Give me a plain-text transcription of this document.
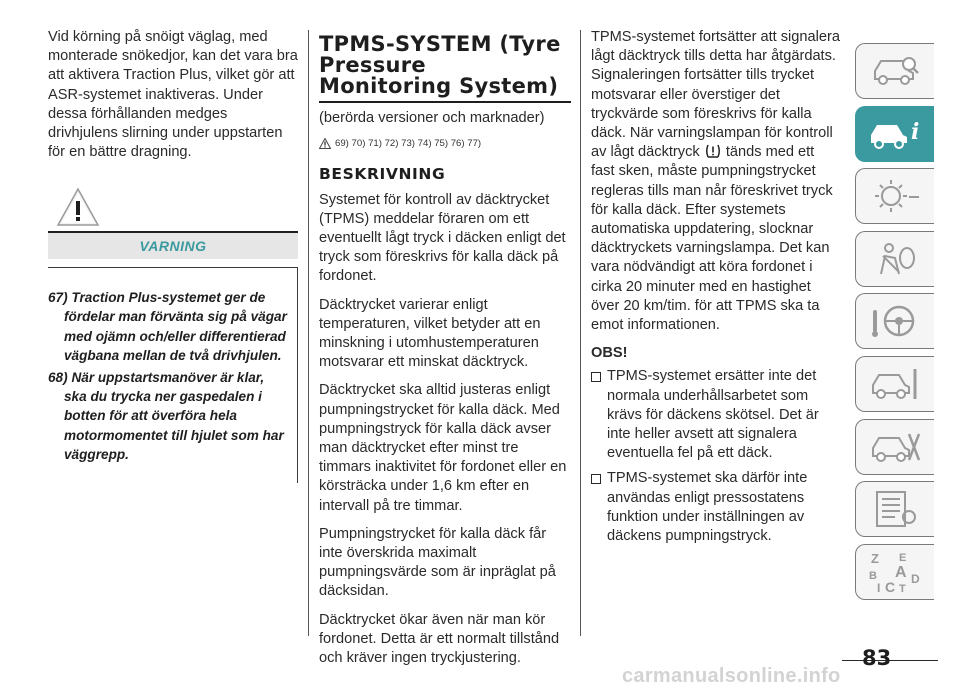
Vid körning på snöigt väglag, med monterade snökedjor, kan det vara bra att aktivera Traction Plus, vilket gör att ASR-systemet inaktiveras. Under dessa förhållanden medges drivhjulens slirning under uppstarten för en bättre dragning.

VARNING
67) Traction Plus-systemet ger de fördelar man förvänta sig på vägar med ojämn och/eller differentierad vägbana mellan de två drivhjulen.
68) När uppstartsmanöver är klar, ska du trycka ner gaspedalen i botten för att överföra hela motormomentet till hjulet som har väggrepp.
TPMS-SYSTEM (Tyre
Pressure
Monitoring System)

(berörda versioner och marknader)

69) 70) 71) 72) 73) 74) 75) 76) 77)
BESKRIVNING

Systemet för kontroll av däcktrycket (TPMS) meddelar föraren om ett eventuellt lågt tryck i däcken enligt det tryck som föreskrivs för kalla däck på fordonet.

Däcktrycket varierar enligt temperaturen, vilket betyder att en minskning i utomhustemperaturen motsvarar ett minskat däcktryck.

Däcktrycket ska alltid justeras enligt pumpningstrycket för kalla däck. Med pumpningstryck för kalla däck avser man däcktrycket efter minst tre timmars inaktivitet för fordonet eller en körsträcka under 1,6 km efter en intervall på tre timmar.

Pumpningstrycket för kalla däck får inte överskrida maximalt pumpningsvärde som är inpräglat på däcksidan.

Däcktrycket ökar även när man kör fordonet. Detta är ett normalt tillstånd och kräver ingen tryckjustering.

TPMS-systemet fortsätter att signalera lågt däcktryck tills detta har åtgärdats. Signaleringen fortsätter tills trycket motsvarar eller överstiger det tryckvärde som föreskrivs för kalla däck. När varningslampan för kontroll av lågt däcktryck tänds med ett fast sken, måste pumpningstrycket regleras tills man når föreskrivet tryck för kalla däck. Efter systemets automatiska uppdatering, slocknar däcktryckets varningslampa. Det kan vara nödvändigt att köra fordonet i cirka 20 minuter med en hastighet över 20 km/tim. för att TPMS ska ta emot informationen.

OBS!
TPMS-systemet ersätter inte det normala underhållsarbetet som krävs för däckens skötsel. Det är inte heller avsett att signalera eventuella fel på ett däck.
TPMS-systemet ska därför inte användas enligt pressostatens funktion under inställningen av däckens pumpningstryck.
i
Z E
A
B	D
I C T
83
carmanualsonline.info
